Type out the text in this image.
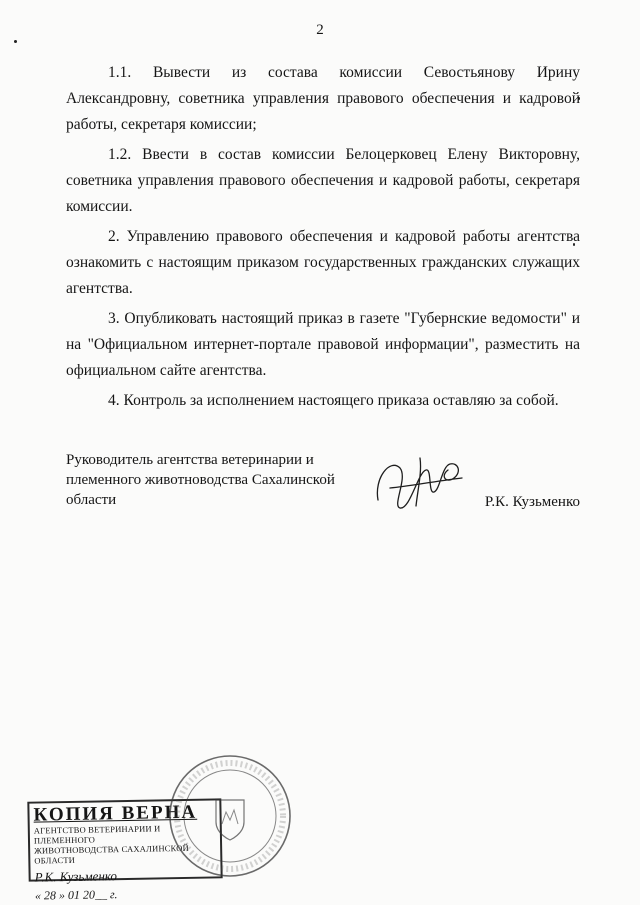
2
1.1. Вывести из состава комиссии Севостьянову Ирину Александровну, советника управления правового обеспечения и кадровой работы, секретаря комиссии;
1.2. Ввести в состав комиссии Белоцерковец Елену Викторовну, советника управления правового обеспечения и кадровой работы, секретаря комиссии.
2. Управлению правового обеспечения и кадровой работы агентства ознакомить с настоящим приказом государственных гражданских служащих агентства.
3. Опубликовать настоящий приказ в газете "Губернские ведомости" и на "Официальном интернет-портале правовой информации", разместить на официальном сайте агентства.
4. Контроль за исполнением настоящего приказа оставляю за собой.
Руководитель агентства ветеринарии и племенного животноводства Сахалинской области	Р.К. Кузьменко
КОПИЯ ВЕРНА
АГЕНТСТВО ВЕТЕРИНАРИИ И ПЛЕМЕННОГО
ЖИВОТНОВОДСТВА САХАЛИНСКОЙ ОБЛАСТИ
Р.К. Кузьменко
« 28 » 01 20__ г.
